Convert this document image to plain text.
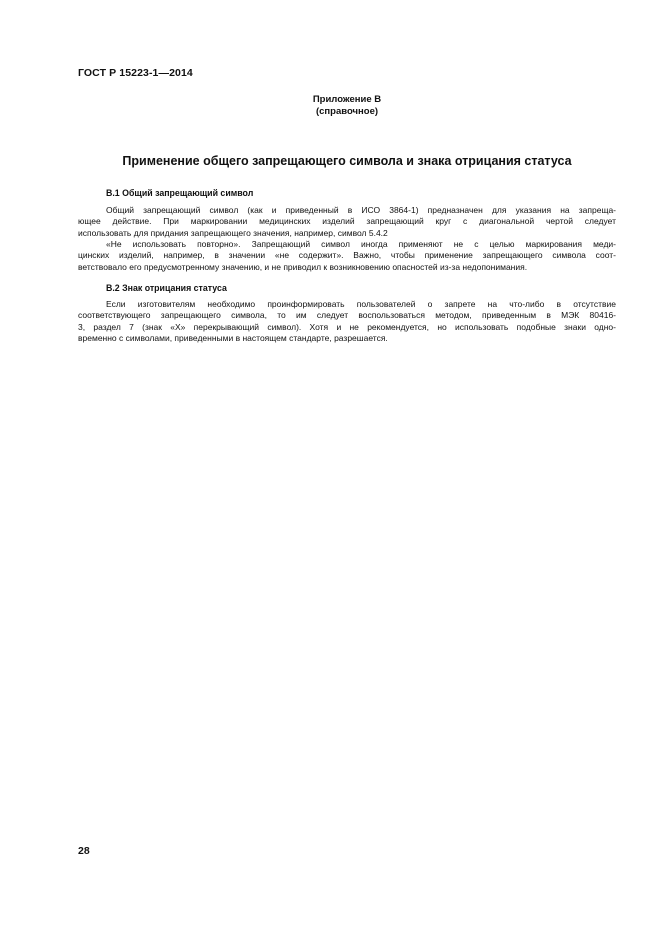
ГОСТ Р 15223-1—2014
Приложение В
(справочное)
Применение общего запрещающего символа и знака отрицания статуса
В.1 Общий запрещающий символ
Общий запрещающий символ (как и приведенный в ИСО 3864-1) предназначен для указания на запреща-
ющее действие. При маркировании медицинских изделий запрещающий круг с диагональной чертой следует
использовать для придания запрещающего значения, например, символ 5.4.2
«Не использовать повторно». Запрещающий символ иногда применяют не с целью маркирования меди-
цинских изделий, например, в значении «не содержит». Важно, чтобы применение запрещающего символа соот-
ветствовало его предусмотренному значению, и не приводил к возникновению опасностей из-за недопонимания.
В.2 Знак отрицания статуса
Если изготовителям необходимо проинформировать пользователей о запрете на что-либо в отсутствие
соответствующего запрещающего символа, то им следует воспользоваться методом, приведенным в МЭК 80416-
3, раздел 7 (знак «X» перекрывающий символ). Хотя и не рекомендуется, но использовать подобные знаки одно-
временно с символами, приведенными в настоящем стандарте, разрешается.
28
